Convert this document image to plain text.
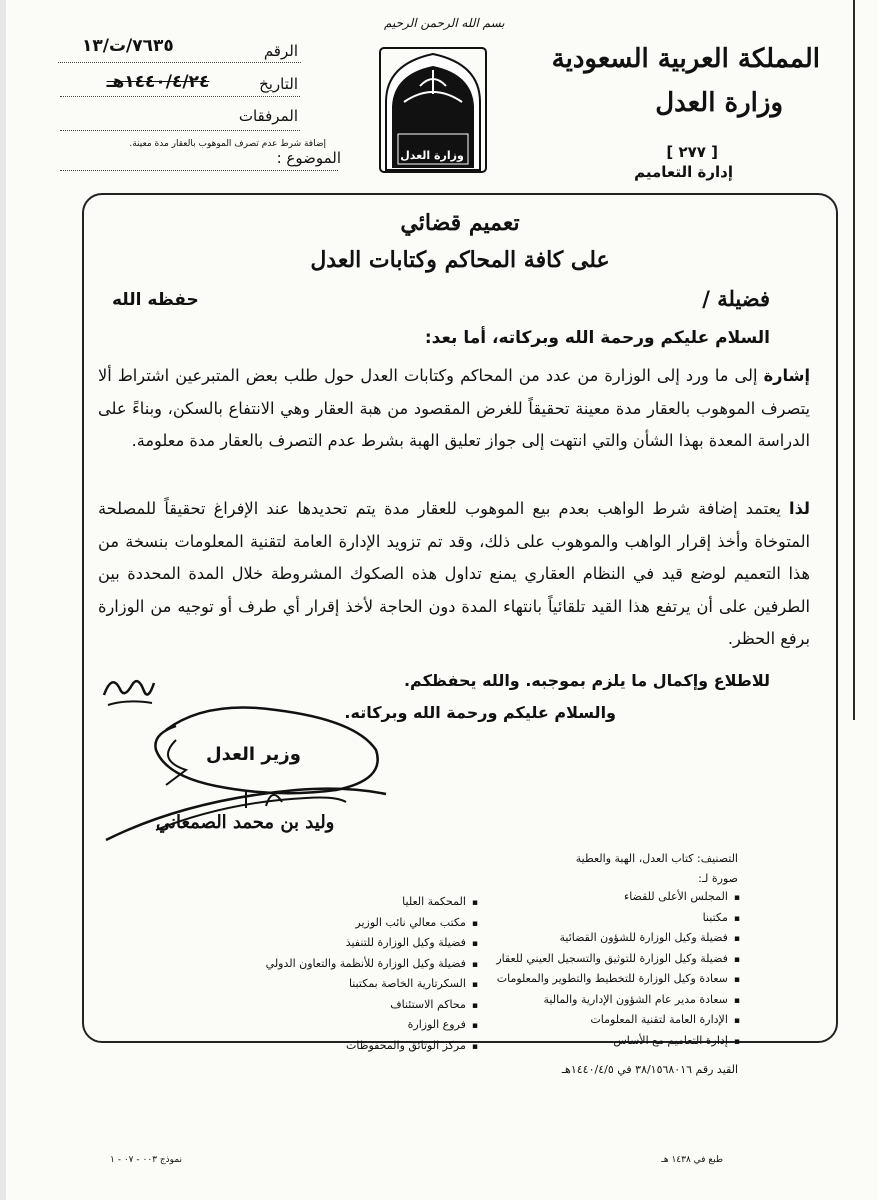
المملكة العربية السعودية
وزارة العدل
[ ٢٧٧ ]
إدارة التعاميم
بسم الله الرحمن الرحيم
وزارة العدل
الرقم
٧٦٣٥/ت/١٣
التاريخ
١٤٤٠/٤/٢٤هـ
المرفقات
الموضوع :
إضافة شرط عدم تصرف الموهوب بالعقار مدة معينة.
تعميم قضائي
على كافة المحاكم وكتابات العدل
فضيلة /
حفظه الله
السلام عليكم ورحمة الله وبركاته، أما بعد:

إشارة إلى ما ورد إلى الوزارة من عدد من المحاكم وكتابات العدل حول طلب بعض المتبرعين اشتراط ألا يتصرف الموهوب بالعقار مدة معينة تحقيقاً للغرض المقصود من هبة العقار وهي الانتفاع بالسكن، وبناءً على الدراسة المعدة بهذا الشأن والتي انتهت إلى جواز تعليق الهبة بشرط عدم التصرف بالعقار مدة معلومة.

لذا يعتمد إضافة شرط الواهب بعدم بيع الموهوب للعقار مدة يتم تحديدها عند الإفراغ تحقيقاً للمصلحة المتوخاة وأخذ إقرار الواهب والموهوب على ذلك، وقد تم تزويد الإدارة العامة لتقنية المعلومات بنسخة من هذا التعميم لوضع قيد في النظام العقاري يمنع تداول هذه الصكوك المشروطة خلال المدة المحددة بين الطرفين على أن يرتفع هذا القيد تلقائياً بانتهاء المدة دون الحاجة لأخذ إقرار أي طرف أو توجيه من الوزارة برفع الحظر.

للاطلاع وإكمال ما يلزم بموجبه. والله يحفظكم.
والسلام عليكم ورحمة الله وبركاته.
وزير العدل
وليد بن محمد الصمعاني
التصنيف: كتاب العدل، الهبة والعطية
صورة لـ:
▪ المجلس الأعلى للقضاء
▪ مكتبنا
▪ فضيلة وكيل الوزارة للشؤون القضائية
▪ فضيلة وكيل الوزارة للتوثيق والتسجيل العيني للعقار
▪ سعادة وكيل الوزارة للتخطيط والتطوير والمعلومات
▪ سعادة مدير عام الشؤون الإدارية والمالية
▪ الإدارة العامة لتقنية المعلومات
▪ إدارة التعاميم مع الأساس
▪ المحكمة العليا
▪ مكتب معالي نائب الوزير
▪ فضيلة وكيل الوزارة للتنفيذ
▪ فضيلة وكيل الوزارة للأنظمة والتعاون الدولي
▪ السكرتارية الخاصة بمكتبنا
▪ محاكم الاستئناف
▪ فروع الوزارة
▪ مركز الوثائق والمحفوظات
القيد رقم ٣٨/١٥٦٨٠١٦ في ١٤٤٠/٤/٥هـ
طبع في ١٤٣٨ هـ
نموذج ٠٠٣ - ٠٧ - ١
